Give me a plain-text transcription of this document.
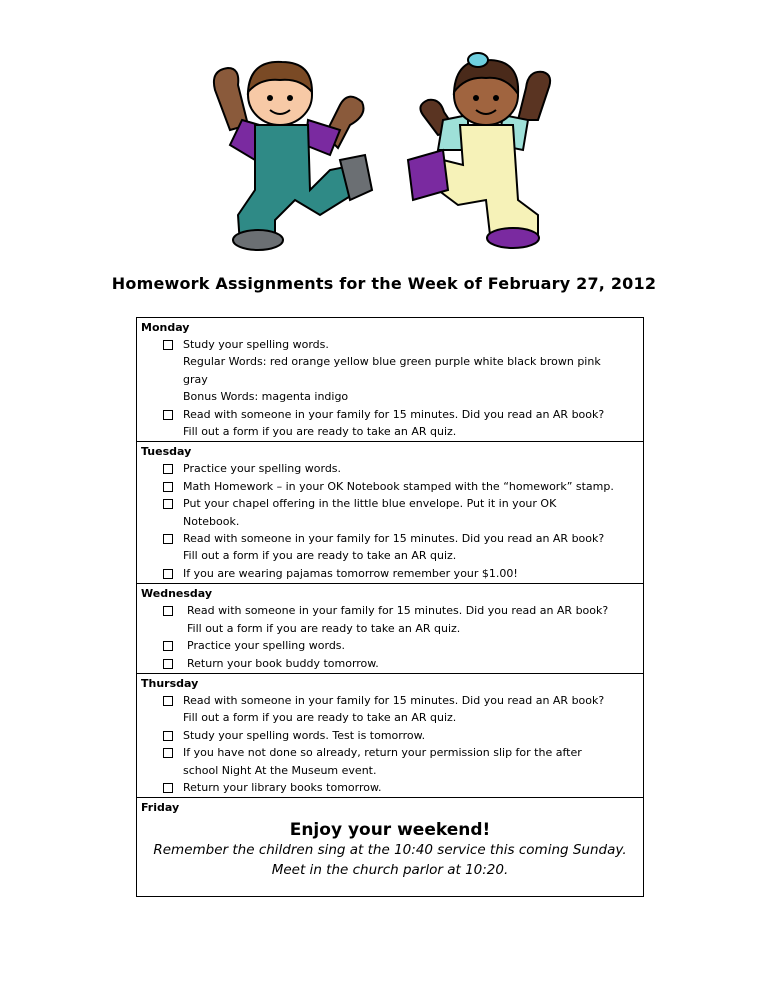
Homework Assignments for the Week of February 27, 2012
Monday
Study your spelling words.
Regular Words: red orange yellow blue green purple white black brown pink
gray
Bonus Words: magenta indigo
Read with someone in your family for 15 minutes. Did you read an AR book?
Fill out a form if you are ready to take an AR quiz.
Tuesday
Practice your spelling words.
Math Homework – in your OK Notebook stamped with the “homework” stamp.
Put your chapel offering in the little blue envelope. Put it in your OK
Notebook.
Read with someone in your family for 15 minutes. Did you read an AR book?
Fill out a form if you are ready to take an AR quiz.
If you are wearing pajamas tomorrow remember your $1.00!
Wednesday
Read with someone in your family for 15 minutes. Did you read an AR book?
Fill out a form if you are ready to take an AR quiz.
Practice your spelling words.
Return your book buddy tomorrow.
Thursday
Read with someone in your family for 15 minutes. Did you read an AR book?
Fill out a form if you are ready to take an AR quiz.
Study your spelling words. Test is tomorrow.
If you have not done so already, return your permission slip for the after
school Night At the Museum event.
Return your library books tomorrow.
Friday
Enjoy your weekend!
Remember the children sing at the 10:40 service this coming Sunday.
Meet in the church parlor at 10:20.
